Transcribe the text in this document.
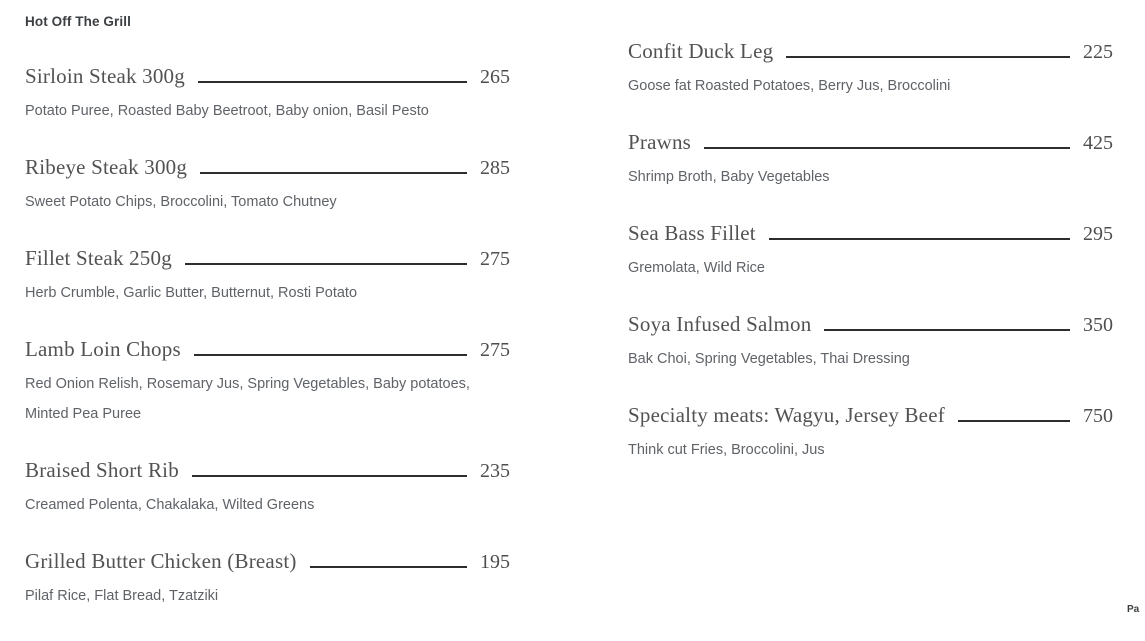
Hot Off The Grill
Sirloin Steak 300g	265
Potato Puree, Roasted Baby Beetroot, Baby onion, Basil Pesto
Ribeye Steak 300g	285
Sweet Potato Chips, Broccolini, Tomato Chutney
Fillet Steak 250g	275
Herb Crumble, Garlic Butter, Butternut, Rosti Potato
Lamb Loin Chops	275
Red Onion Relish, Rosemary Jus, Spring Vegetables, Baby potatoes, Minted Pea Puree
Braised Short Rib	235
Creamed Polenta, Chakalaka, Wilted Greens
Grilled Butter Chicken (Breast)	195
Pilaf Rice, Flat Bread, Tzatziki
Confit Duck Leg	225
Goose fat Roasted Potatoes, Berry Jus, Broccolini
Prawns	425
Shrimp Broth, Baby Vegetables
Sea Bass Fillet	295
Gremolata, Wild Rice
Soya Infused Salmon	350
Bak Choi, Spring Vegetables, Thai Dressing
Specialty meats: Wagyu, Jersey Beef	750
Think cut Fries, Broccolini, Jus
Pa
